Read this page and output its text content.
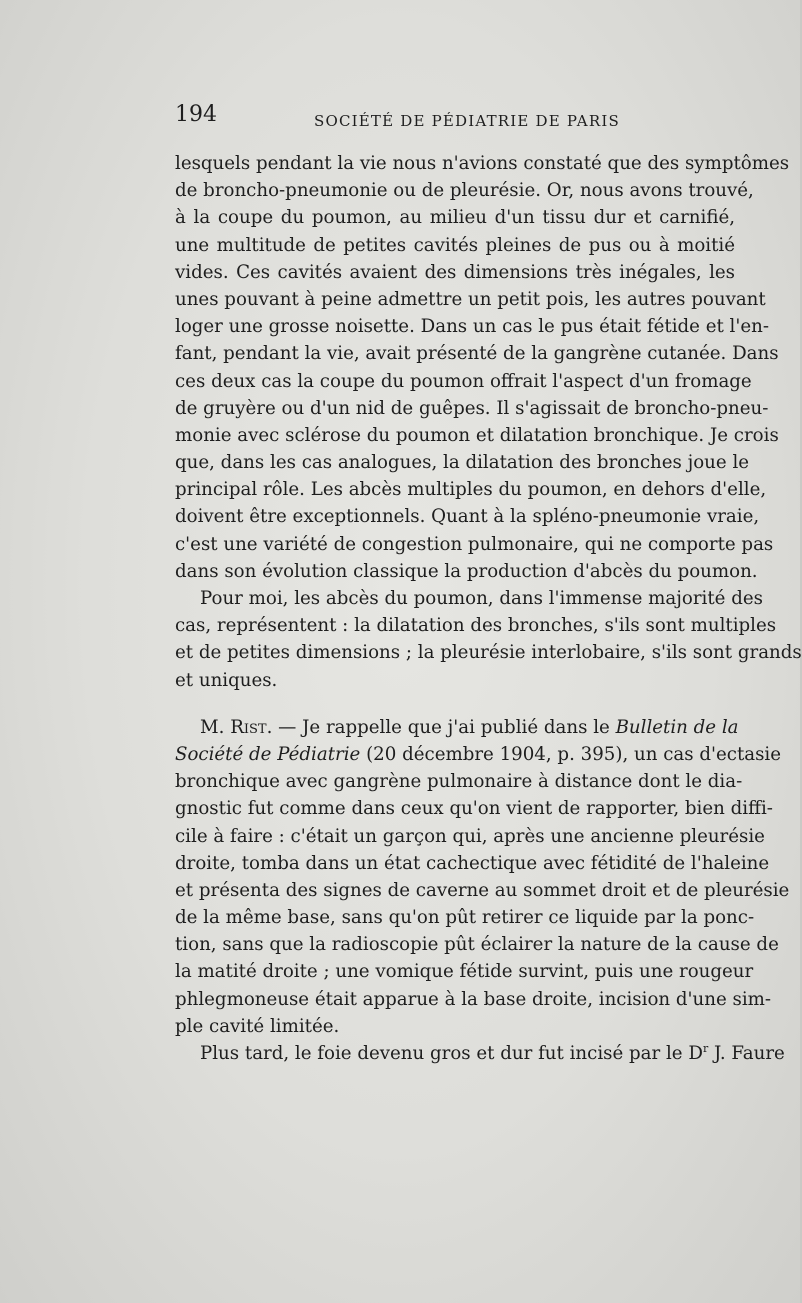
194	SOCIÉTÉ DE PÉDIATRIE DE PARIS
lesquels pendant la vie nous n'avions constaté que des symptômes
de broncho-pneumonie ou de pleurésie. Or, nous avons trouvé,
à la coupe du poumon, au milieu d'un tissu dur et carnifié,
une multitude de petites cavités pleines de pus ou à moitié
vides. Ces cavités avaient des dimensions très inégales, les
unes pouvant à peine admettre un petit pois, les autres pouvant
loger une grosse noisette. Dans un cas le pus était fétide et l'en-
fant, pendant la vie, avait présenté de la gangrène cutanée. Dans
ces deux cas la coupe du poumon offrait l'aspect d'un fromage
de gruyère ou d'un nid de guêpes. Il s'agissait de broncho-pneu-
monie avec sclérose du poumon et dilatation bronchique. Je crois
que, dans les cas analogues, la dilatation des bronches joue le
principal rôle. Les abcès multiples du poumon, en dehors d'elle,
doivent être exceptionnels. Quant à la spléno-pneumonie vraie,
c'est une variété de congestion pulmonaire, qui ne comporte pas
dans son évolution classique la production d'abcès du poumon.
Pour moi, les abcès du poumon, dans l'immense majorité des
cas, représentent : la dilatation des bronches, s'ils sont multiples
et de petites dimensions ; la pleurésie interlobaire, s'ils sont grands
et uniques.
M. Rist. — Je rappelle que j'ai publié dans le Bulletin de la
Société de Pédiatrie (20 décembre 1904, p. 395), un cas d'ectasie
bronchique avec gangrène pulmonaire à distance dont le dia-
gnostic fut comme dans ceux qu'on vient de rapporter, bien diffi-
cile à faire : c'était un garçon qui, après une ancienne pleurésie
droite, tomba dans un état cachectique avec fétidité de l'haleine
et présenta des signes de caverne au sommet droit et de pleurésie
de la même base, sans qu'on pût retirer ce liquide par la ponc-
tion, sans que la radioscopie pût éclairer la nature de la cause de
la matité droite ; une vomique fétide survint, puis une rougeur
phlegmoneuse était apparue à la base droite, incision d'une sim-
ple cavité limitée.
Plus tard, le foie devenu gros et dur fut incisé par le $D^r$ J. Faure
